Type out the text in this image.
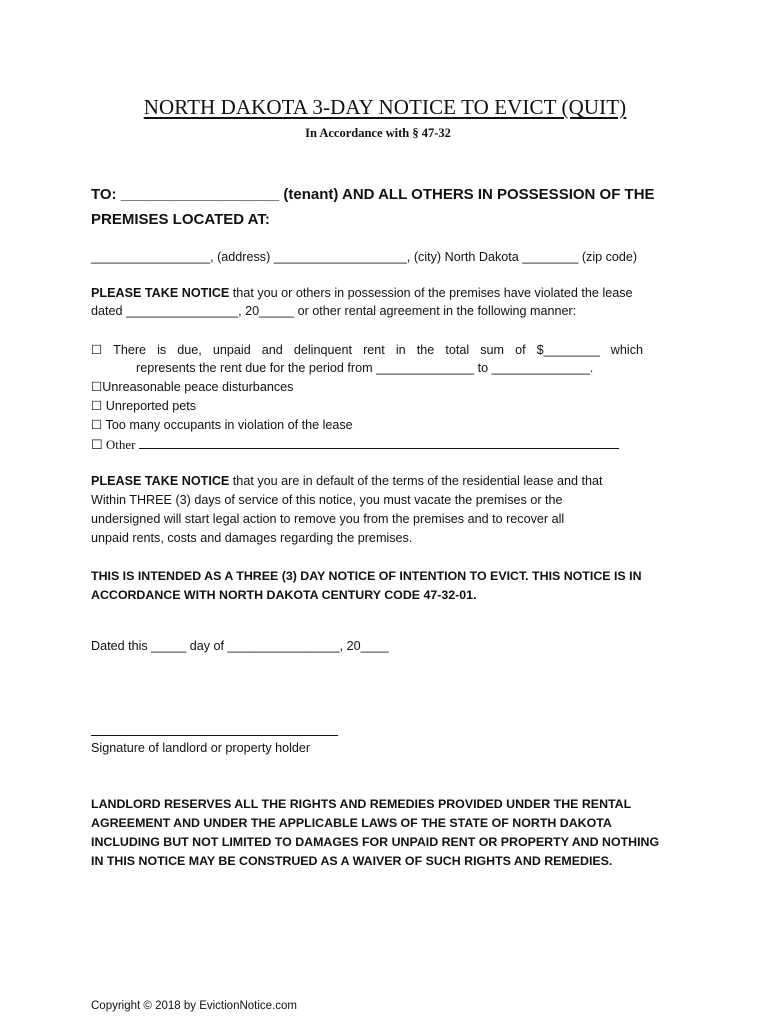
NORTH DAKOTA 3-DAY NOTICE TO EVICT (QUIT)
In Accordance with § 47-32
TO: ___________________ (tenant) AND ALL OTHERS IN POSSESSION OF THE
PREMISES LOCATED AT:
_________________, (address) ___________________, (city) North Dakota ________ (zip code)
PLEASE TAKE NOTICE that you or others in possession of the premises have violated the lease
dated ________________, 20_____ or other rental agreement in the following manner:
☐ There is due, unpaid and delinquent rent in the total sum of $________ which
represents the rent due for the period from ______________ to ______________.
☐Unreasonable peace disturbances
☐ Unreported pets
☐ Too many occupants in violation of the lease
☐ Other
PLEASE TAKE NOTICE that you are in default of the terms of the residential lease and that
Within THREE (3) days of service of this notice, you must vacate the premises or the
undersigned will start legal action to remove you from the premises and to recover all
unpaid rents, costs and damages regarding the premises.
THIS IS INTENDED AS A THREE (3) DAY NOTICE OF INTENTION TO EVICT. THIS NOTICE IS IN
ACCORDANCE WITH NORTH DAKOTA CENTURY CODE 47-32-01.
Dated this _____ day of ________________, 20____
Signature of landlord or property holder
LANDLORD RESERVES ALL THE RIGHTS AND REMEDIES PROVIDED UNDER THE RENTAL
AGREEMENT AND UNDER THE APPLICABLE LAWS OF THE STATE OF NORTH DAKOTA
INCLUDING BUT NOT LIMITED TO DAMAGES FOR UNPAID RENT OR PROPERTY AND NOTHING
IN THIS NOTICE MAY BE CONSTRUED AS A WAIVER OF SUCH RIGHTS AND REMEDIES.
Copyright © 2018 by EvictionNotice.com
